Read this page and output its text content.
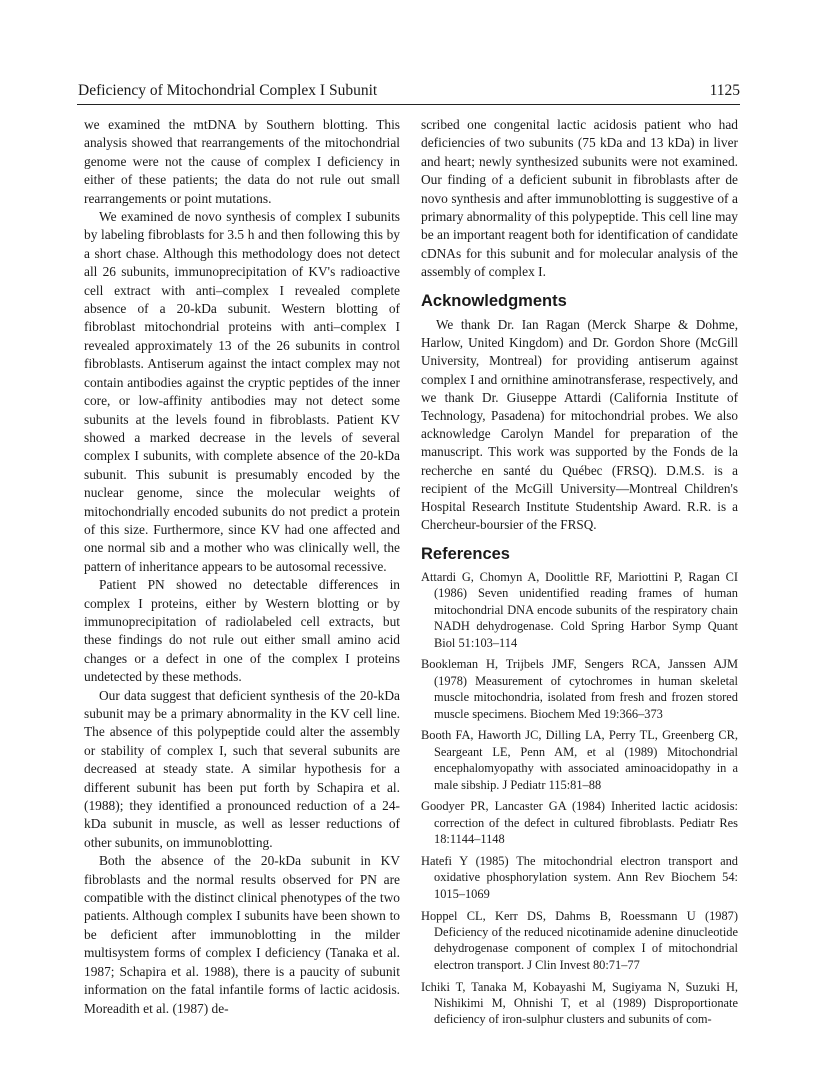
Deficiency of Mitochondrial Complex I Subunit	1125

we examined the mtDNA by Southern blotting. This analysis showed that rearrangements of the mitochondrial genome were not the cause of complex I deficiency in either of these patients; the data do not rule out small rearrangements or point mutations.

We examined de novo synthesis of complex I subunits by labeling fibroblasts for 3.5 h and then following this by a short chase. Although this methodology does not detect all 26 subunits, immunoprecipitation of KV's radioactive cell extract with anti–complex I revealed complete absence of a 20-kDa subunit. Western blotting of fibroblast mitochondrial proteins with anti–complex I revealed approximately 13 of the 26 subunits in control fibroblasts. Antiserum against the intact complex may not contain antibodies against the cryptic peptides of the inner core, or low-affinity antibodies may not detect some subunits at the levels found in fibroblasts. Patient KV showed a marked decrease in the levels of several complex I subunits, with complete absence of the 20-kDa subunit. This subunit is presumably encoded by the nuclear genome, since the molecular weights of mitochondrially encoded subunits do not predict a protein of this size. Furthermore, since KV had one affected and one normal sib and a mother who was clinically well, the pattern of inheritance appears to be autosomal recessive.

Patient PN showed no detectable differences in complex I proteins, either by Western blotting or by immunoprecipitation of radiolabeled cell extracts, but these findings do not rule out either small amino acid changes or a defect in one of the complex I proteins undetected by these methods.

Our data suggest that deficient synthesis of the 20-kDa subunit may be a primary abnormality in the KV cell line. The absence of this polypeptide could alter the assembly or stability of complex I, such that several subunits are decreased at steady state. A similar hypothesis for a different subunit has been put forth by Schapira et al. (1988); they identified a pronounced reduction of a 24-kDa subunit in muscle, as well as lesser reductions of other subunits, on immunoblotting.

Both the absence of the 20-kDa subunit in KV fibroblasts and the normal results observed for PN are compatible with the distinct clinical phenotypes of the two patients. Although complex I subunits have been shown to be deficient after immunoblotting in the milder multisystem forms of complex I deficiency (Tanaka et al. 1987; Schapira et al. 1988), there is a paucity of subunit information on the fatal infantile forms of lactic acidosis. Moreadith et al. (1987) de-

scribed one congenital lactic acidosis patient who had deficiencies of two subunits (75 kDa and 13 kDa) in liver and heart; newly synthesized subunits were not examined. Our finding of a deficient subunit in fibroblasts after de novo synthesis and after immunoblotting is suggestive of a primary abnormality of this polypeptide. This cell line may be an important reagent both for identification of candidate cDNAs for this subunit and for molecular analysis of the assembly of complex I.

Acknowledgments

We thank Dr. Ian Ragan (Merck Sharpe & Dohme, Harlow, United Kingdom) and Dr. Gordon Shore (McGill University, Montreal) for providing antiserum against complex I and ornithine aminotransferase, respectively, and we thank Dr. Giuseppe Attardi (California Institute of Technology, Pasadena) for mitochondrial probes. We also acknowledge Carolyn Mandel for preparation of the manuscript. This work was supported by the Fonds de la recherche en santé du Québec (FRSQ). D.M.S. is a recipient of the McGill University—Montreal Children's Hospital Research Institute Studentship Award. R.R. is a Chercheur-boursier of the FRSQ.

References

Attardi G, Chomyn A, Doolittle RF, Mariottini P, Ragan CI (1986) Seven unidentified reading frames of human mitochondrial DNA encode subunits of the respiratory chain NADH dehydrogenase. Cold Spring Harbor Symp Quant Biol 51:103–114

Bookleman H, Trijbels JMF, Sengers RCA, Janssen AJM (1978) Measurement of cytochromes in human skeletal muscle mitochondria, isolated from fresh and frozen stored muscle specimens. Biochem Med 19:366–373

Booth FA, Haworth JC, Dilling LA, Perry TL, Greenberg CR, Seargeant LE, Penn AM, et al (1989) Mitochondrial encephalomyopathy with associated aminoacidopathy in a male sibship. J Pediatr 115:81–88

Goodyer PR, Lancaster GA (1984) Inherited lactic acidosis: correction of the defect in cultured fibroblasts. Pediatr Res 18:1144–1148

Hatefi Y (1985) The mitochondrial electron transport and oxidative phosphorylation system. Ann Rev Biochem 54: 1015–1069

Hoppel CL, Kerr DS, Dahms B, Roessmann U (1987) Deficiency of the reduced nicotinamide adenine dinucleotide dehydrogenase component of complex I of mitochondrial electron transport. J Clin Invest 80:71–77

Ichiki T, Tanaka M, Kobayashi M, Sugiyama N, Suzuki H, Nishikimi M, Ohnishi T, et al (1989) Disproportionate deficiency of iron-sulphur clusters and subunits of com-
